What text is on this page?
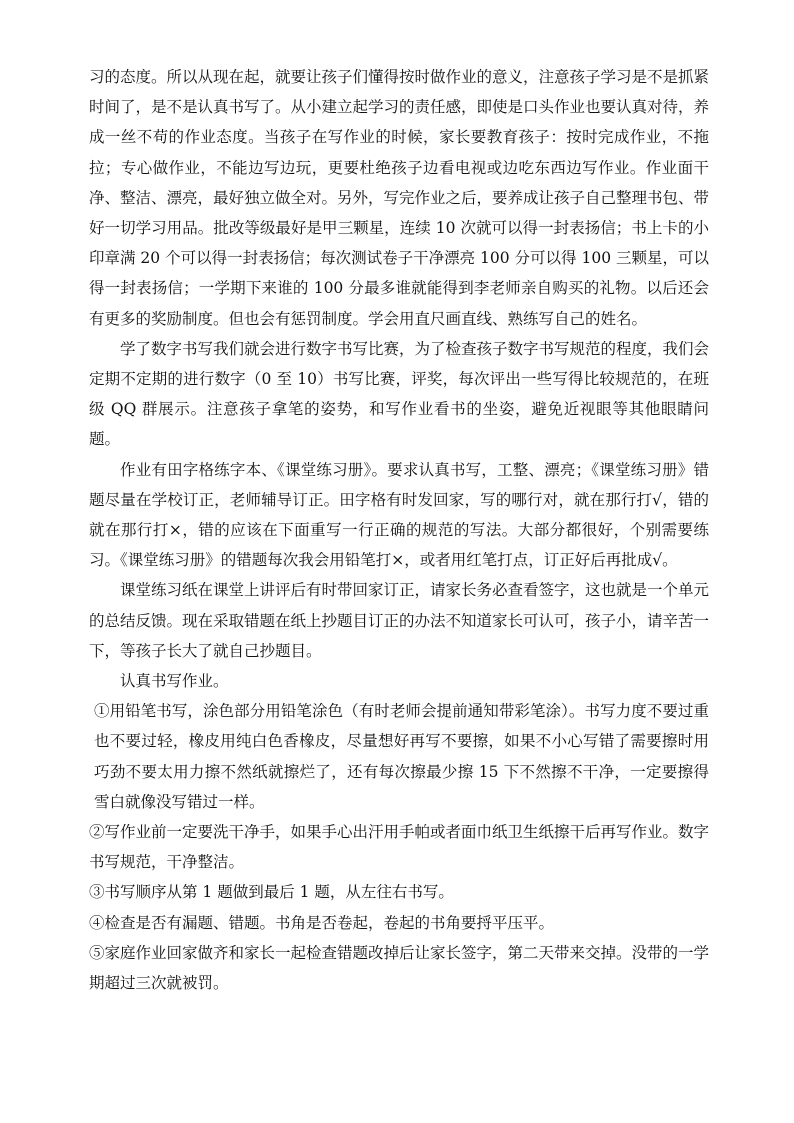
习的态度。所以从现在起，就要让孩子们懂得按时做作业的意义，注意孩子学习是不是抓紧时间了，是不是认真书写了。从小建立起学习的责任感，即使是口头作业也要认真对待，养成一丝不苟的作业态度。当孩子在写作业的时候，家长要教育孩子：按时完成作业，不拖拉；专心做作业，不能边写边玩，更要杜绝孩子边看电视或边吃东西边写作业。作业面干净、整洁、漂亮，最好独立做全对。另外，写完作业之后，要养成让孩子自己整理书包、带好一切学习用品。批改等级最好是甲三颗星，连续 10 次就可以得一封表扬信；书上卡的小印章满 20 个可以得一封表扬信；每次测试卷子干净漂亮 100 分可以得 100 三颗星，可以得一封表扬信；一学期下来谁的 100 分最多谁就能得到李老师亲自购买的礼物。以后还会有更多的奖励制度。但也会有惩罚制度。学会用直尺画直线、熟练写自己的姓名。

学了数字书写我们就会进行数字书写比赛，为了检查孩子数字书写规范的程度，我们会定期不定期的进行数字（0 至 10）书写比赛，评奖，每次评出一些写得比较规范的，在班级 QQ 群展示。注意孩子拿笔的姿势，和写作业看书的坐姿，避免近视眼等其他眼睛问题。

作业有田字格练字本、《课堂练习册》。要求认真书写，工整、漂亮；《课堂练习册》错题尽量在学校订正，老师辅导订正。田字格有时发回家，写的哪行对，就在那行打√，错的就在那行打×，错的应该在下面重写一行正确的规范的写法。大部分都很好，个别需要练习。《课堂练习册》的错题每次我会用铅笔打×，或者用红笔打点，订正好后再批成√。

课堂练习纸在课堂上讲评后有时带回家订正，请家长务必查看签字，这也就是一个单元的总结反馈。现在采取错题在纸上抄题目订正的办法不知道家长可认可，孩子小，请辛苦一下，等孩子长大了就自己抄题目。

认真书写作业。

①用铅笔书写，涂色部分用铅笔涂色（有时老师会提前通知带彩笔涂）。书写力度不要过重也不要过轻，橡皮用纯白色香橡皮，尽量想好再写不要擦，如果不小心写错了需要擦时用巧劲不要太用力擦不然纸就擦烂了，还有每次擦最少擦 15 下不然擦不干净，一定要擦得雪白就像没写错过一样。

②写作业前一定要洗干净手，如果手心出汗用手帕或者面巾纸卫生纸擦干后再写作业。数字书写规范，干净整洁。

③书写顺序从第 1 题做到最后 1 题，从左往右书写。

④检查是否有漏题、错题。书角是否卷起，卷起的书角要捋平压平。

⑤家庭作业回家做齐和家长一起检查错题改掉后让家长签字，第二天带来交掉。没带的一学期超过三次就被罚。
